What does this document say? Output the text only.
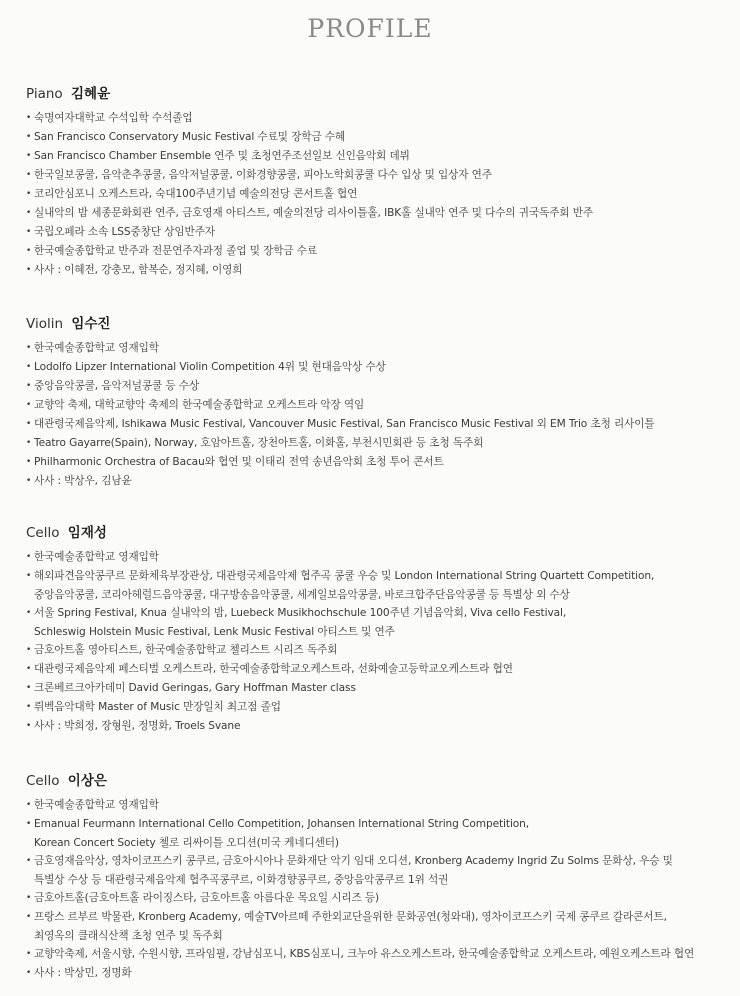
PROFILE
Piano 김혜윤
• 숙명여자대학교 수석입학 수석졸업
• San Francisco Conservatory Music Festival 수료및 장학금 수혜
• San Francisco Chamber Ensemble 연주 및 초청연주조선일보 신인음악회 데뷔
• 한국일보콩쿨, 음악춘추콩쿨, 음악저널콩쿨, 이화경향콩쿨, 피아노학회콩쿨 다수 입상 및 입상자 연주
• 코리안심포니 오케스트라, 숙대100주년기념 예술의전당 콘서트홀 협연
• 실내악의 밤 세종문화회관 연주, 금호영재 아티스트, 예술의전당 리사이틀홀, IBK홀 실내악 연주 및 다수의 귀국독주회 반주
• 국립오페라 소속 LSS중창단 상임반주자
• 한국예술종합학교 반주과 전문연주자과정 졸업 및 장학금 수료
• 사사 : 이혜전, 강충모, 함복순, 정지혜, 이영희
Violin 임수진
• 한국예술종합학교 영재입학
• Lodolfo Lipzer International Violin Competition 4위 및 현대음악상 수상
• 중앙음악콩쿨, 음악저널콩쿨 등 수상
• 교향악 축제, 대학교향악 축제의 한국예술종합학교 오케스트라 악장 역임
• 대관령국제음악제, Ishikawa Music Festival, Vancouver Music Festival, San Francisco Music Festival 외 EM Trio 초청 리사이틀
• Teatro Gayarre(Spain), Norway, 호암아트홀, 장천아트홀, 이화홀, 부천시민회관 등 초청 독주회
• Philharmonic Orchestra of Bacau와 협연 및 이태리 전역 송년음악회 초청 투어 콘서트
• 사사 : 박상우, 김남윤
Cello 임재성
• 한국예술종합학교 영재입학
• 해외파견음악콩쿠르 문화체육부장관상, 대관령국제음악제 협주곡 콩쿨 우승 및 London International String Quartett Competition,
중앙음악콩쿨, 코리아헤럴드음악콩쿨, 대구방송음악콩쿨, 세계일보음악콩쿨, 바로크합주단음악콩쿨 등 특별상 외 수상
• 서울 Spring Festival, Knua 실내악의 밤, Luebeck Musikhochschule 100주년 기념음악회, Viva cello Festival,
Schleswig Holstein Music Festival, Lenk Music Festival 아티스트 및 연주
• 금호아트홀 영아티스트, 한국예술종합학교 첼리스트 시리즈 독주회
• 대관령국제음악제 페스티벌 오케스트라, 한국예술종합학교오케스트라, 선화예술고등학교오케스트라 협연
• 크론베르크아카데미 David Geringas, Gary Hoffman Master class
• 뤼벡음악대학 Master of Music 만장일치 최고점 졸업
• 사사 : 박희정, 장형원, 정명화, Troels Svane
Cello 이상은
• 한국예술종합학교 영재입학
• Emanual Feurmann International Cello Competition, Johansen International String Competition,
Korean Concert Society 첼로 리싸이틀 오디션(미국 케네디센터)
• 금호영재음악상, 영차이코프스키 콩쿠르, 금호아시아나 문화재단 악기 임대 오디션, Kronberg Academy Ingrid Zu Solms 문화상, 우승 및
특별상 수상 등 대관령국제음악제 협주곡콩쿠르, 이화경향콩쿠르, 중앙음악콩쿠르 1위 석권
• 금호아트홀(금호아트홀 라이징스타, 금호아트홀 아름다운 목요일 시리즈 등)
• 프랑스 르부르 박물관, Kronberg Academy, 예술TV아르떼 주한외교단을위한 문화공연(청와대), 영차이코프스키 국제 콩쿠르 갈라콘서트,
최영옥의 클래식산책 초청 연주 및 독주회
• 교향악축제, 서울시향, 수원시향, 프라임필, 강남심포니, KBS심포니, 크누아 유스오케스트라, 한국예술종합학교 오케스트라, 예원오케스트라 협연
• 사사 : 박상민, 정명화
